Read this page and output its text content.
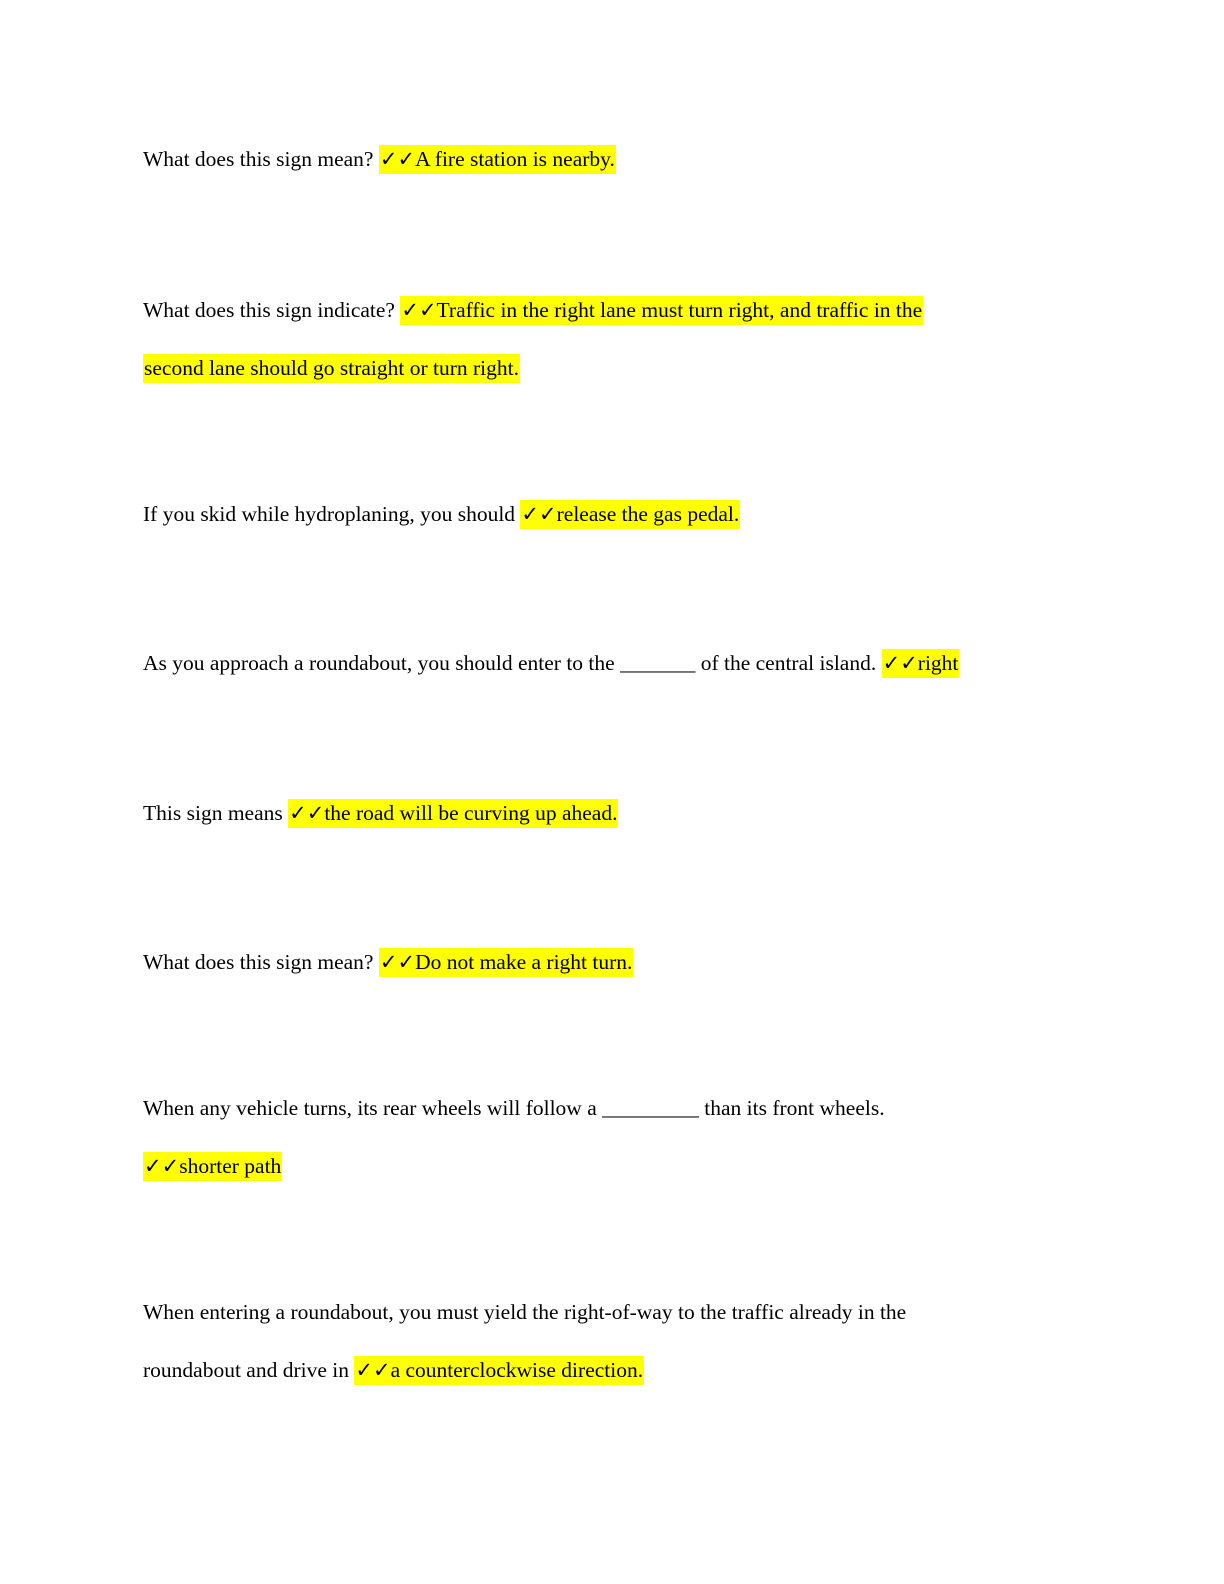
What does this sign mean? ✓✓A fire station is nearby.
What does this sign indicate? ✓✓Traffic in the right lane must turn right, and traffic in the
second lane should go straight or turn right.
If you skid while hydroplaning, you should ✓✓release the gas pedal.
As you approach a roundabout, you should enter to the _______ of the central island. ✓✓right
This sign means ✓✓the road will be curving up ahead.
What does this sign mean? ✓✓Do not make a right turn.
When any vehicle turns, its rear wheels will follow a _________ than its front wheels.
✓✓shorter path
When entering a roundabout, you must yield the right-of-way to the traffic already in the
roundabout and drive in ✓✓a counterclockwise direction.
